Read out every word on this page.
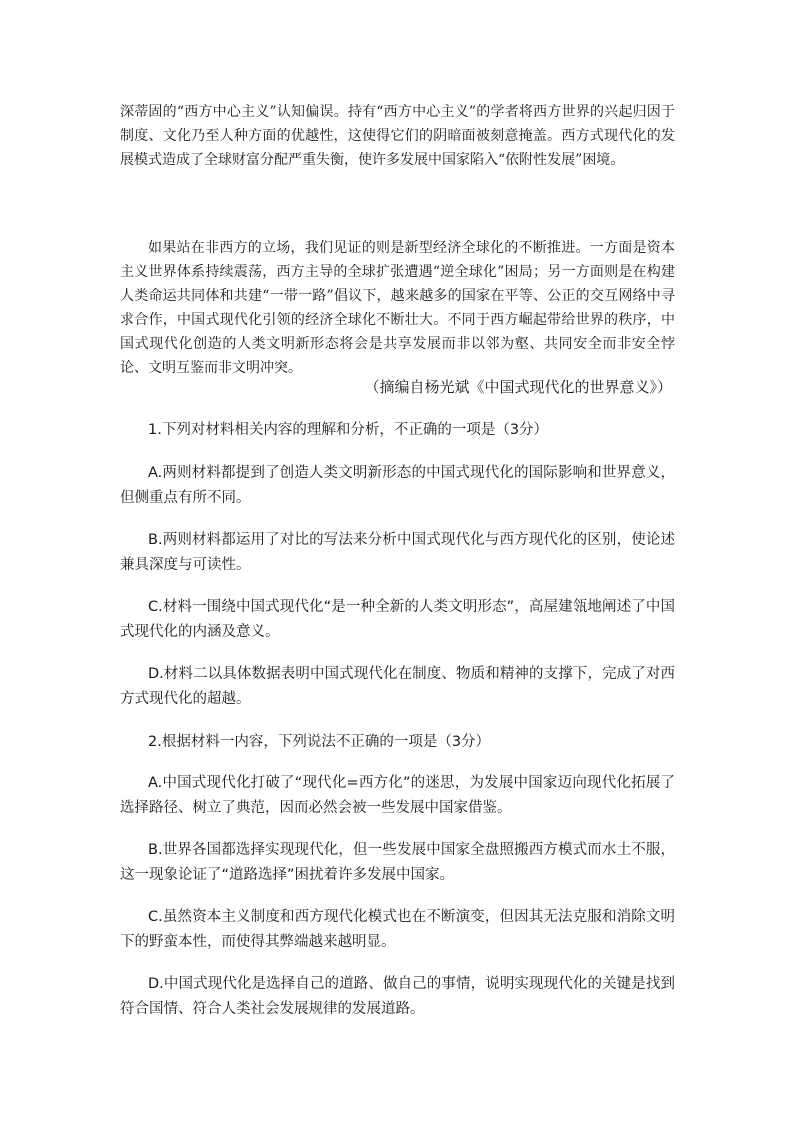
深蒂固的“西方中心主义”认知偏误。持有“西方中心主义”的学者将西方世界的兴起归因于制度、文化乃至人种方面的优越性，这使得它们的阴暗面被刻意掩盖。西方式现代化的发展模式造成了全球财富分配严重失衡，使许多发展中国家陷入“依附性发展”困境。

如果站在非西方的立场，我们见证的则是新型经济全球化的不断推进。一方面是资本主义世界体系持续震荡，西方主导的全球扩张遭遇“逆全球化”困局；另一方面则是在构建人类命运共同体和共建“一带一路”倡议下，越来越多的国家在平等、公正的交互网络中寻求合作，中国式现代化引领的经济全球化不断壮大。不同于西方崛起带给世界的秩序，中国式现代化创造的人类文明新形态将会是共享发展而非以邻为壑、共同安全而非安全悖论、文明互鉴而非文明冲突。

（摘编自杨光斌《中国式现代化的世界意义》）

1.下列对材料相关内容的理解和分析，不正确的一项是（3分）

A.两则材料都提到了创造人类文明新形态的中国式现代化的国际影响和世界意义，但侧重点有所不同。

B.两则材料都运用了对比的写法来分析中国式现代化与西方现代化的区别，使论述兼具深度与可读性。

C.材料一围绕中国式现代化“是一种全新的人类文明形态”，高屋建瓴地阐述了中国式现代化的内涵及意义。

D.材料二以具体数据表明中国式现代化在制度、物质和精神的支撑下，完成了对西方式现代化的超越。

2.根据材料一内容，下列说法不正确的一项是（3分）

A.中国式现代化打破了“现代化=西方化”的迷思，为发展中国家迈向现代化拓展了选择路径、树立了典范，因而必然会被一些发展中国家借鉴。

B.世界各国都选择实现现代化，但一些发展中国家全盘照搬西方模式而水土不服，这一现象论证了“道路选择”困扰着许多发展中国家。

C.虽然资本主义制度和西方现代化模式也在不断演变，但因其无法克服和消除文明下的野蛮本性，而使得其弊端越来越明显。

D.中国式现代化是选择自己的道路、做自己的事情，说明实现现代化的关键是找到符合国情、符合人类社会发展规律的发展道路。
